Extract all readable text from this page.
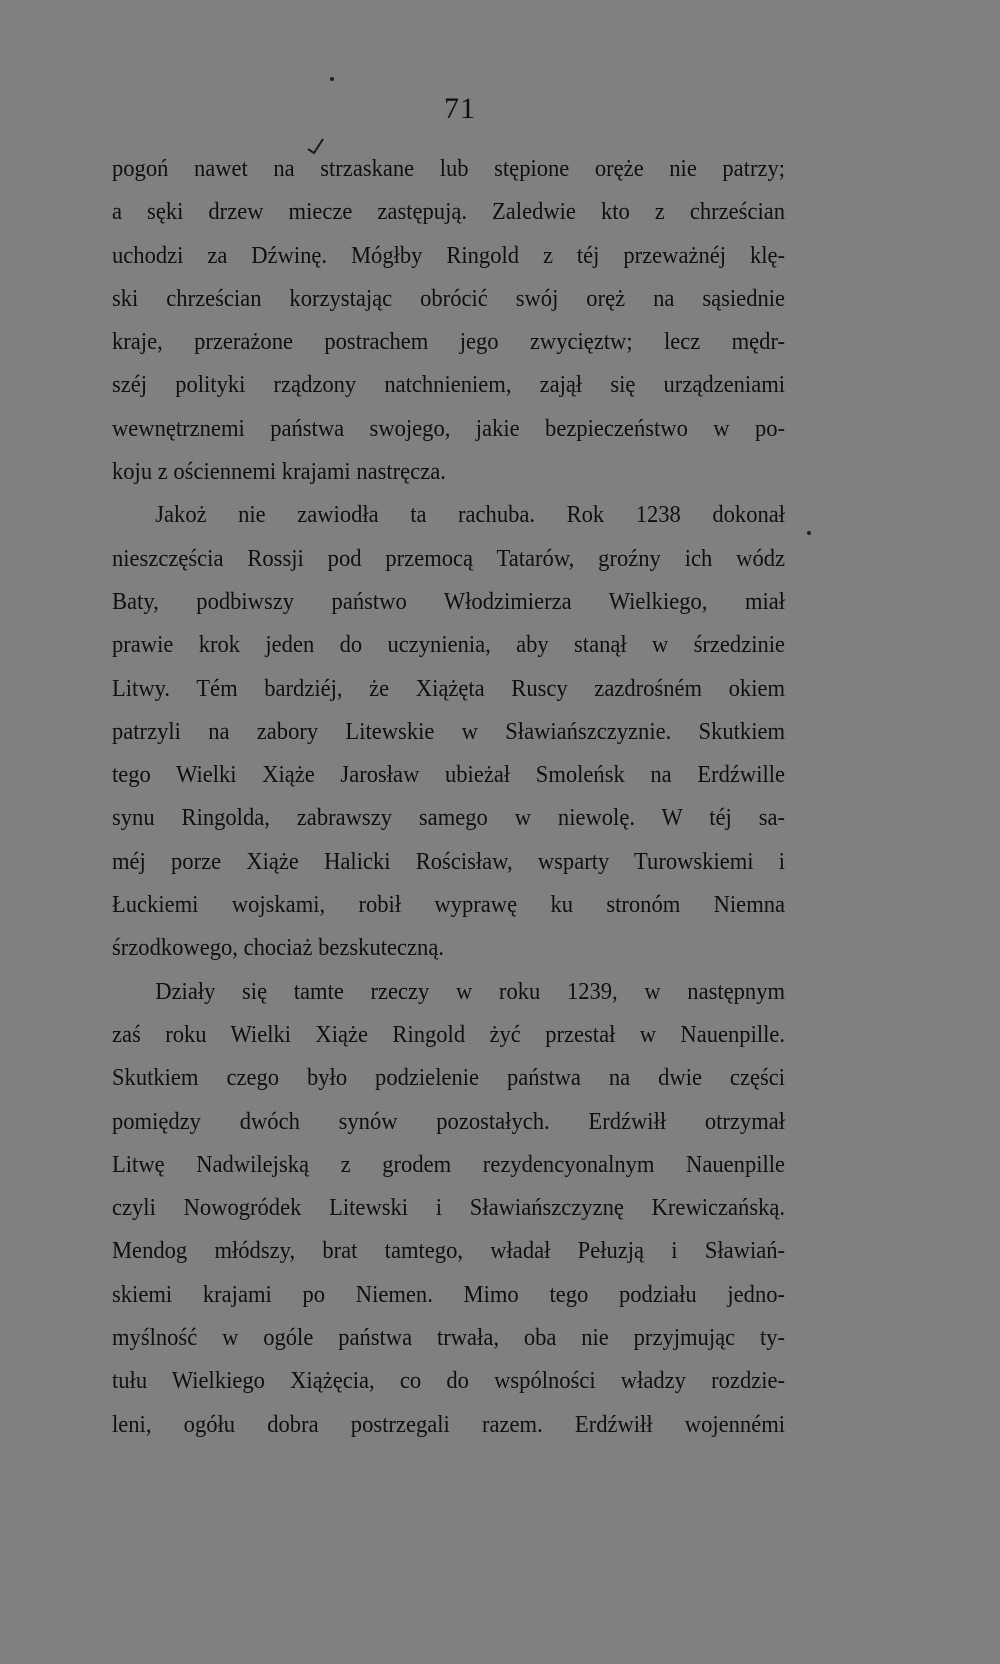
71
pogoń nawet na strzaskane lub stępione oręże nie patrzy;
a sęki drzew miecze zastępują. Zaledwie kto z chrześcian
uchodzi za Dźwinę. Mógłby Ringold z téj przeważnéj klę-
ski chrześcian korzystając obrócić swój oręż na sąsiednie
kraje, przerażone postrachem jego zwycięztw; lecz mędr-
széj polityki rządzony natchnieniem, zajął się urządzeniami
wewnętrznemi państwa swojego, jakie bezpieczeństwo w po-
koju z ościennemi krajami nastręcza.
Jakoż nie zawiodła ta rachuba. Rok 1238 dokonał
nieszczęścia Rossji pod przemocą Tatarów, groźny ich wódz
Baty, podbiwszy państwo Włodzimierza Wielkiego, miał
prawie krok jeden do uczynienia, aby stanął w śrzedzinie
Litwy. Tém bardziéj, że Xiążęta Ruscy zazdrośném okiem
patrzyli na zabory Litewskie w Sławiańszczyznie. Skutkiem
tego Wielki Xiąże Jarosław ubieżał Smoleńsk na Erdźwille
synu Ringolda, zabrawszy samego w niewolę. W téj sa-
méj porze Xiąże Halicki Rościsław, wsparty Turowskiemi i
Łuckiemi wojskami, robił wyprawę ku stronóm Niemna
śrzodkowego, chociaż bezskuteczną.
Działy się tamte rzeczy w roku 1239, w następnym
zaś roku Wielki Xiąże Ringold żyć przestał w Nauenpille.
Skutkiem czego było podzielenie państwa na dwie części
pomiędzy dwóch synów pozostałych. Erdźwiłł otrzymał
Litwę Nadwilejską z grodem rezydencyonalnym Nauenpille
czyli Nowogródek Litewski i Sławiańszczyznę Krewiczańską.
Mendog młódszy, brat tamtego, władał Pełuzją i Sławiań-
skiemi krajami po Niemen. Mimo tego podziału jedno-
myślność w ogóle państwa trwała, oba nie przyjmując ty-
tułu Wielkiego Xiążęcia, co do wspólności władzy rozdzie-
leni, ogółu dobra postrzegali razem. Erdźwiłł wojennémi
